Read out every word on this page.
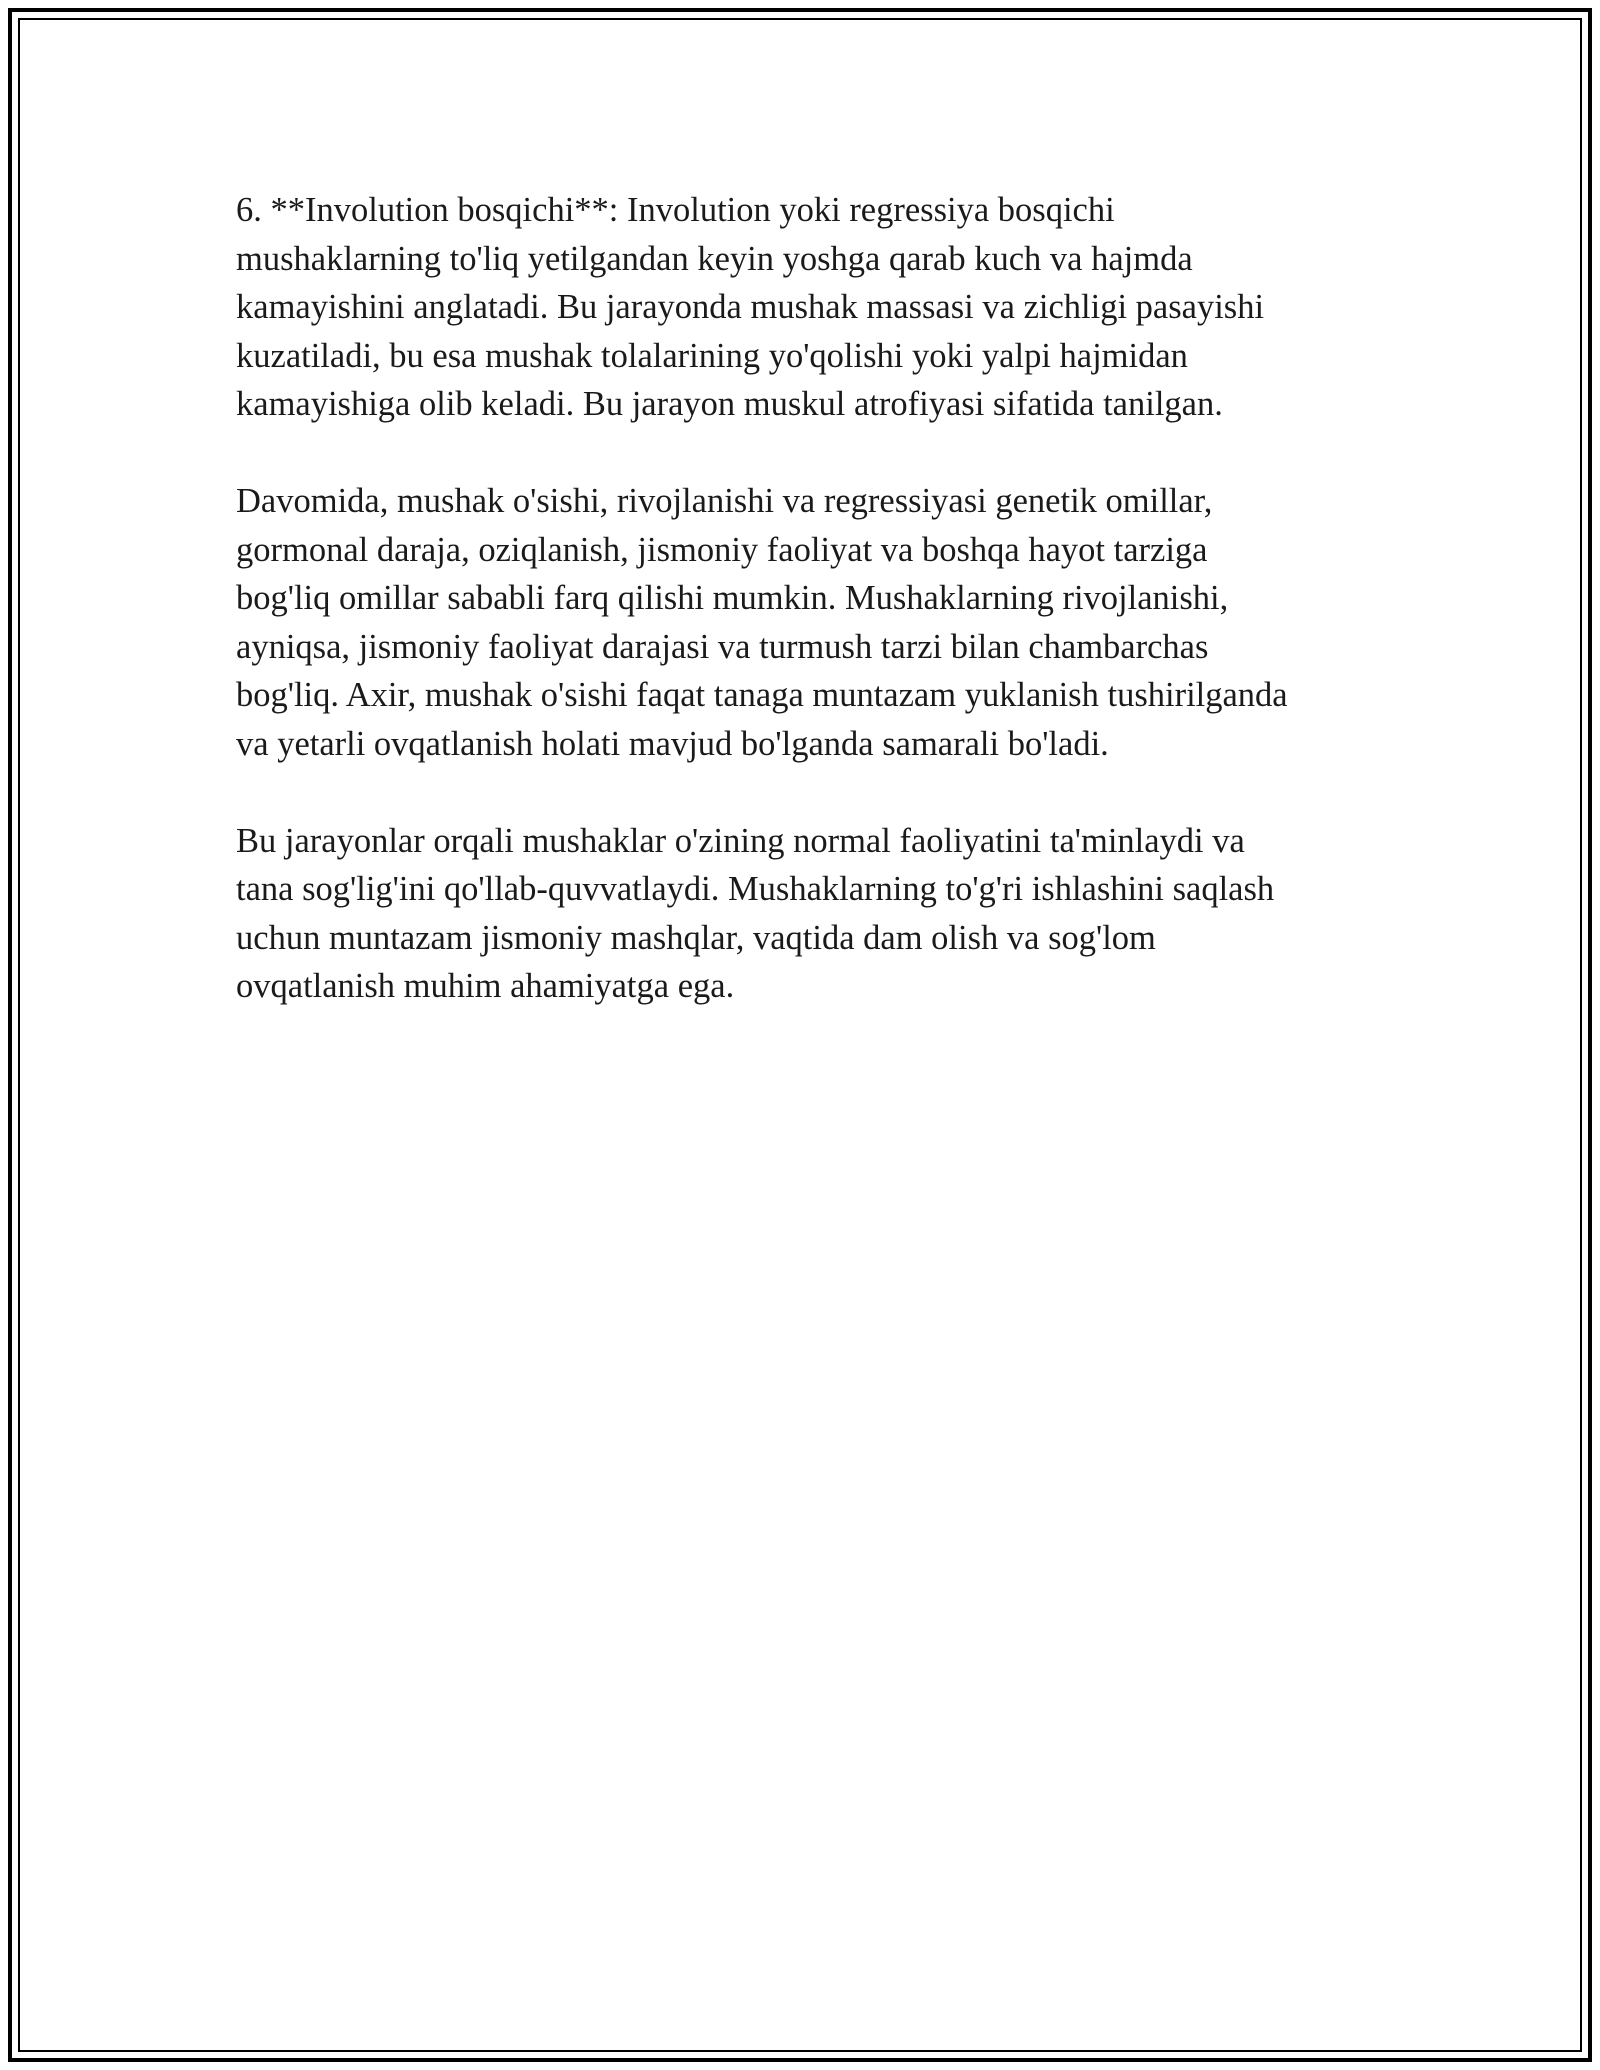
6. **Involution bosqichi**: Involution yoki regressiya bosqichi
mushaklarning to'liq yetilgandan keyin yoshga qarab kuch va hajmda
kamayishini anglatadi. Bu jarayonda mushak massasi va zichligi pasayishi
kuzatiladi, bu esa mushak tolalarining yo'qolishi yoki yalpi hajmidan
kamayishiga olib keladi. Bu jarayon muskul atrofiyasi sifatida tanilgan.

Davomida, mushak o'sishi, rivojlanishi va regressiyasi genetik omillar,
gormonal daraja, oziqlanish, jismoniy faoliyat va boshqa hayot tarziga
bog'liq omillar sababli farq qilishi mumkin. Mushaklarning rivojlanishi,
ayniqsa, jismoniy faoliyat darajasi va turmush tarzi bilan chambarchas
bog'liq. Axir, mushak o'sishi faqat tanaga muntazam yuklanish tushirilganda
va yetarli ovqatlanish holati mavjud bo'lganda samarali bo'ladi.

Bu jarayonlar orqali mushaklar o'zining normal faoliyatini ta'minlaydi va
tana sog'lig'ini qo'llab-quvvatlaydi. Mushaklarning to'g'ri ishlashini saqlash
uchun muntazam jismoniy mashqlar, vaqtida dam olish va sog'lom
ovqatlanish muhim ahamiyatga ega.
